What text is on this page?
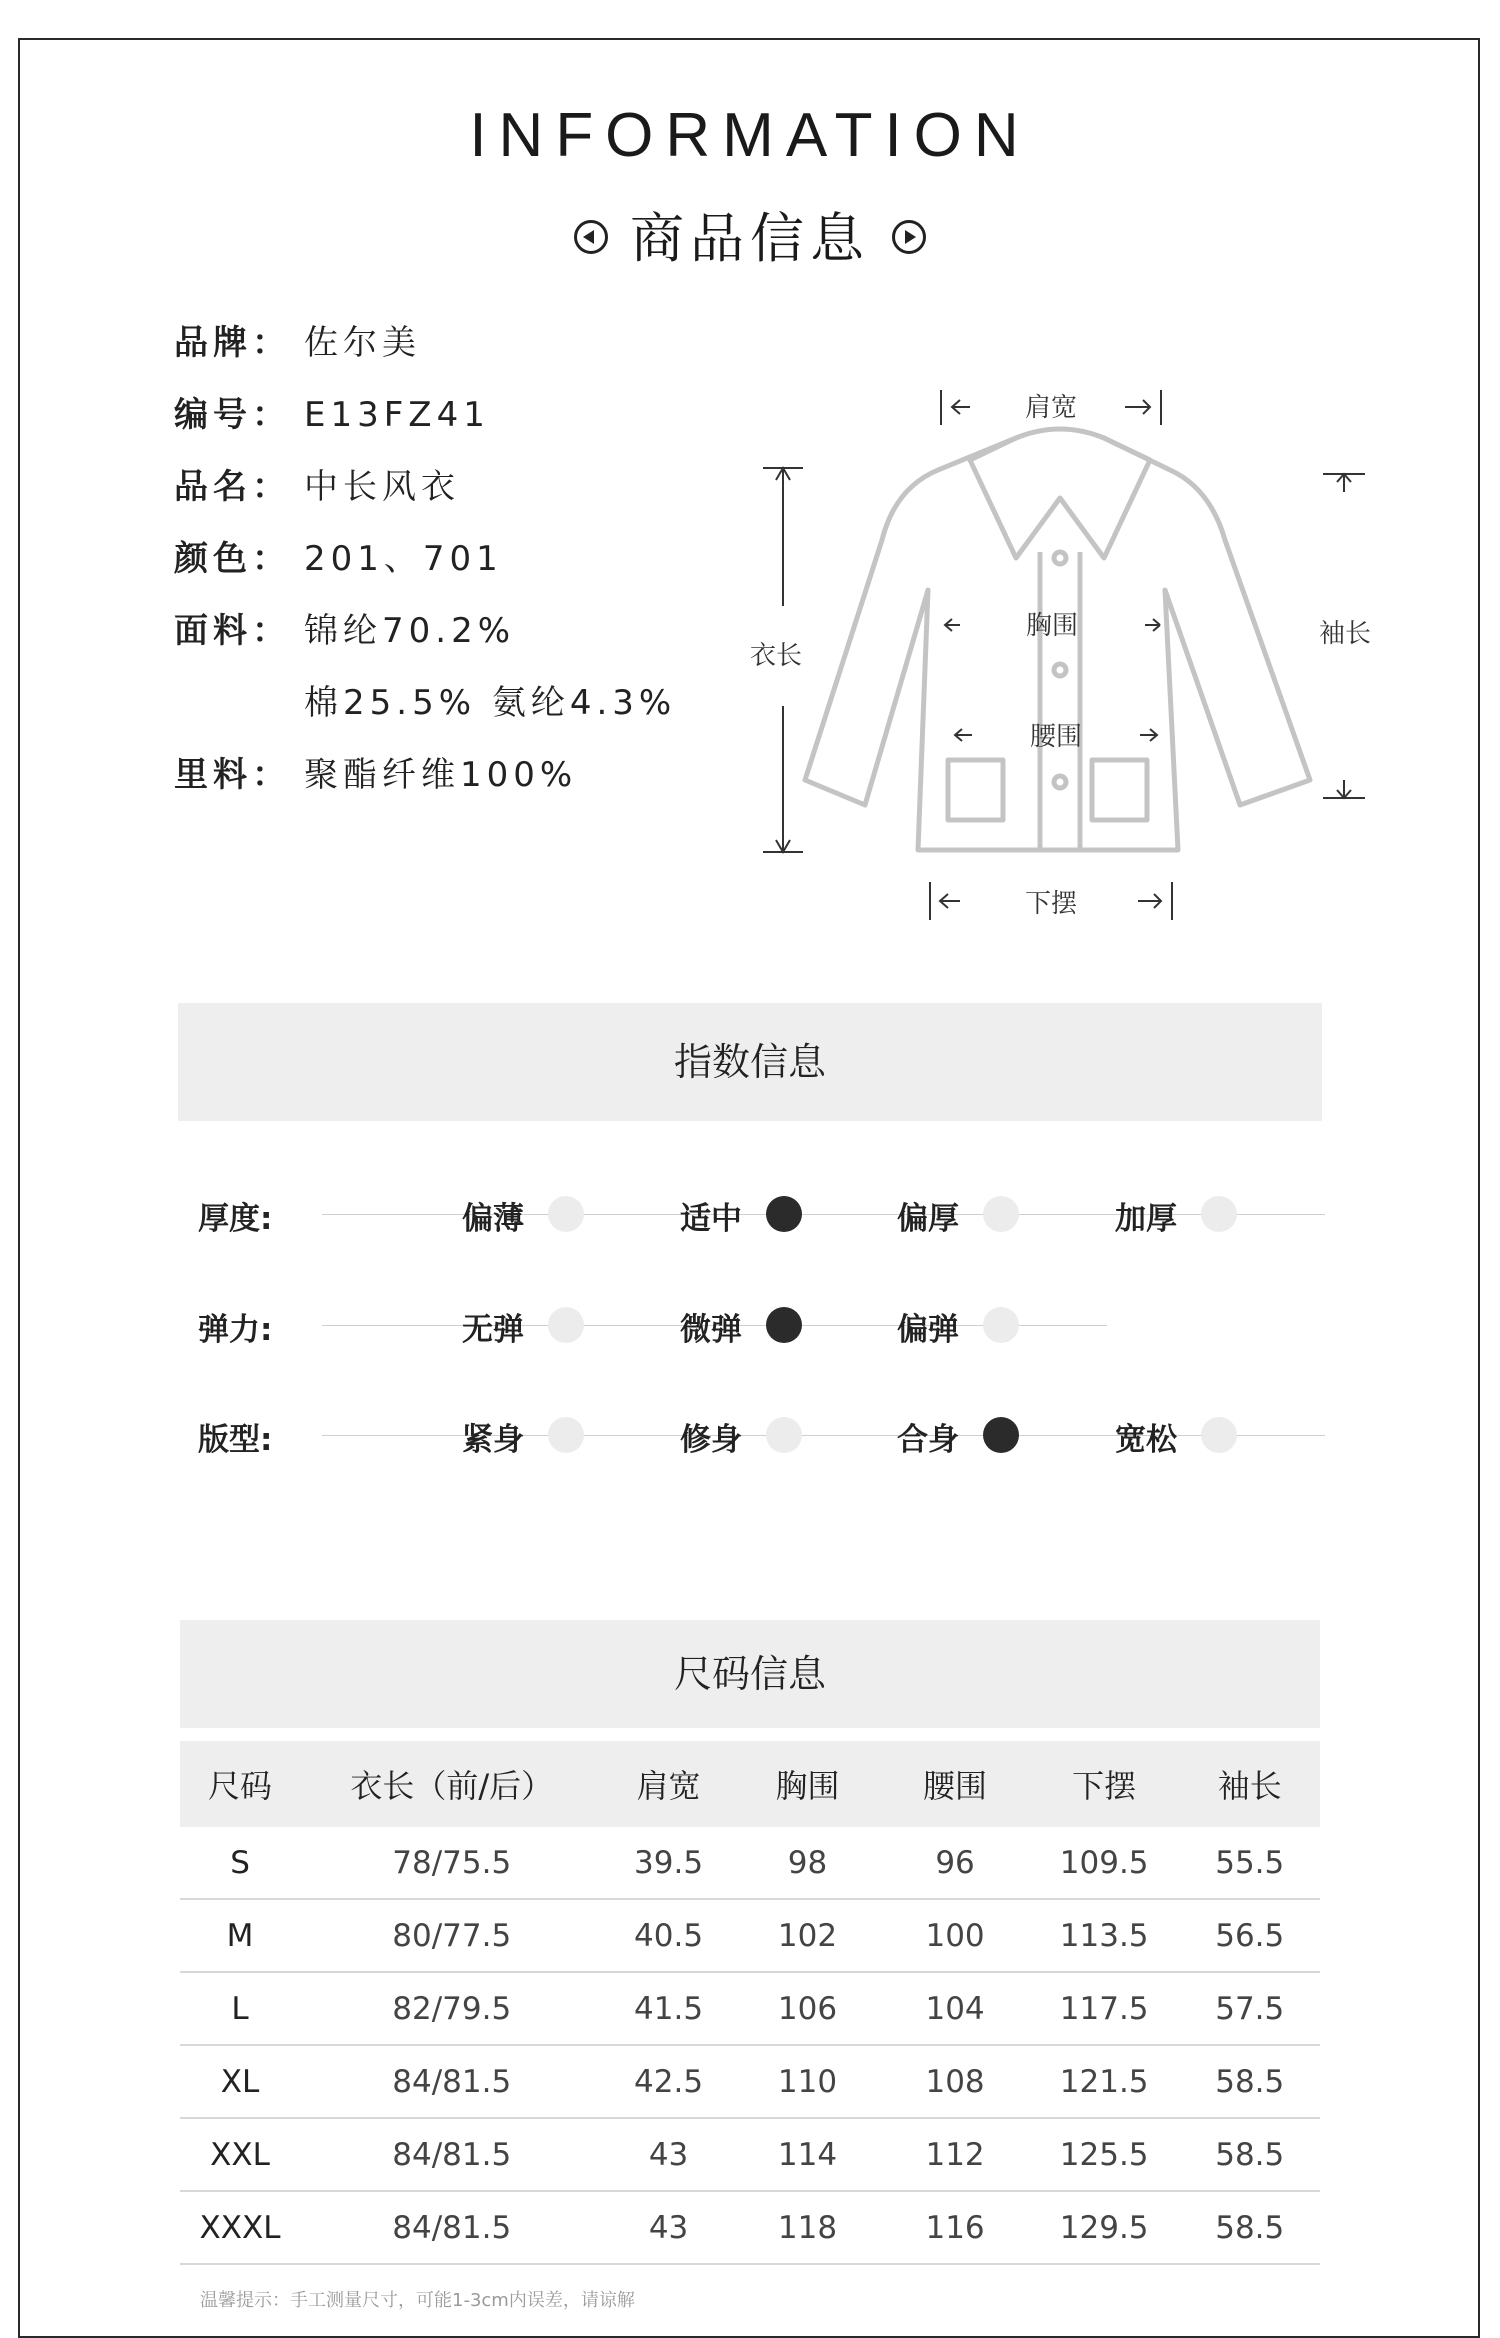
INFORMATION
商品信息
品牌： 佐尔美
编号： E13FZ41
品名： 中长风衣
颜色： 201、701
面料： 锦纶70.2%
棉25.5% 氨纶4.3%
里料： 聚酯纤维100%
肩宽
胸围
腰围
下摆
衣长
袖长
指数信息
厚度:	偏薄	适中	偏厚	加厚
弹力:	无弹	微弹	偏弹
版型:	紧身	修身	合身	宽松
尺码信息
尺码	衣长（前/后）	肩宽	胸围	腰围	下摆	袖长
S	78/75.5	39.5	98	96	109.5	55.5
M	80/77.5	40.5	102	100	113.5	56.5
L	82/79.5	41.5	106	104	117.5	57.5
XL	84/81.5	42.5	110	108	121.5	58.5
XXL	84/81.5	43	114	112	125.5	58.5
XXXL	84/81.5	43	118	116	129.5	58.5
温馨提示：手工测量尺寸，可能1-3cm内误差，请谅解
